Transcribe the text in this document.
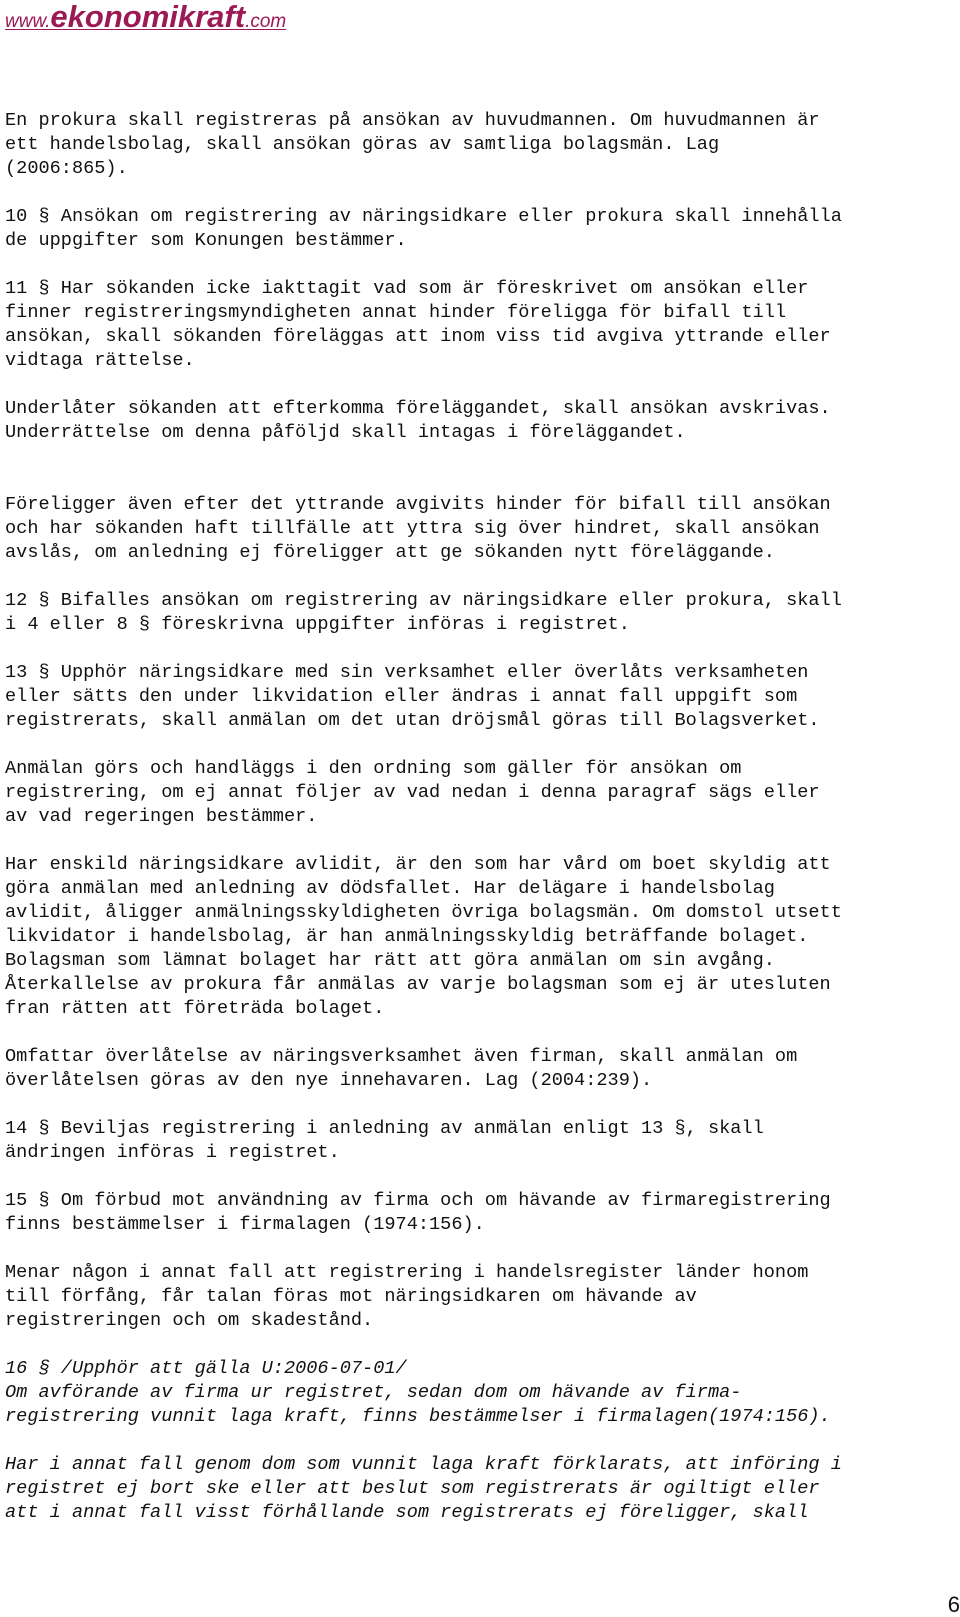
www.ekonomikraft.com

En prokura skall registreras på ansökan av huvudmannen. Om huvudmannen är
ett handelsbolag, skall ansökan göras av samtliga bolagsmän. Lag
(2006:865).

10 § Ansökan om registrering av näringsidkare eller prokura skall innehålla
de uppgifter som Konungen bestämmer.

11 § Har sökanden icke iakttagit vad som är föreskrivet om ansökan eller
finner registreringsmyndigheten annat hinder föreligga för bifall till
ansökan, skall sökanden föreläggas att inom viss tid avgiva yttrande eller
vidtaga rättelse.

Underlåter sökanden att efterkomma föreläggandet, skall ansökan avskrivas.
Underrättelse om denna påföljd skall intagas i föreläggandet.

Föreligger även efter det yttrande avgivits hinder för bifall till ansökan
och har sökanden haft tillfälle att yttra sig över hindret, skall ansökan
avslås, om anledning ej föreligger att ge sökanden nytt föreläggande.

12 § Bifalles ansökan om registrering av näringsidkare eller prokura, skall
i 4 eller 8 § föreskrivna uppgifter införas i registret.

13 § Upphör näringsidkare med sin verksamhet eller överlåts verksamheten
eller sätts den under likvidation eller ändras i annat fall uppgift som
registrerats, skall anmälan om det utan dröjsmål göras till Bolagsverket.

Anmälan görs och handläggs i den ordning som gäller för ansökan om
registrering, om ej annat följer av vad nedan i denna paragraf sägs eller
av vad regeringen bestämmer.

Har enskild näringsidkare avlidit, är den som har vård om boet skyldig att
göra anmälan med anledning av dödsfallet. Har delägare i handelsbolag
avlidit, åligger anmälningsskyldigheten övriga bolagsmän. Om domstol utsett
likvidator i handelsbolag, är han anmälningsskyldig beträffande bolaget.
Bolagsman som lämnat bolaget har rätt att göra anmälan om sin avgång.
Återkallelse av prokura får anmälas av varje bolagsman som ej är utesluten
fran rätten att företräda bolaget.

Omfattar överlåtelse av näringsverksamhet även firman, skall anmälan om
överlåtelsen göras av den nye innehavaren. Lag (2004:239).

14 § Beviljas registrering i anledning av anmälan enligt 13 §, skall
ändringen införas i registret.

15 § Om förbud mot användning av firma och om hävande av firmaregistrering
finns bestämmelser i firmalagen (1974:156).

Menar någon i annat fall att registrering i handelsregister länder honom
till förfång, får talan föras mot näringsidkaren om hävande av
registreringen och om skadestånd.

16 § /Upphör att gälla U:2006-07-01/
Om avförande av firma ur registret, sedan dom om hävande av firma-
registrering vunnit laga kraft, finns bestämmelser i firmalagen(1974:156).

Har i annat fall genom dom som vunnit laga kraft förklarats, att införing i
registret ej bort ske eller att beslut som registrerats är ogiltigt eller
att i annat fall visst förhållande som registrerats ej föreligger, skall

6
